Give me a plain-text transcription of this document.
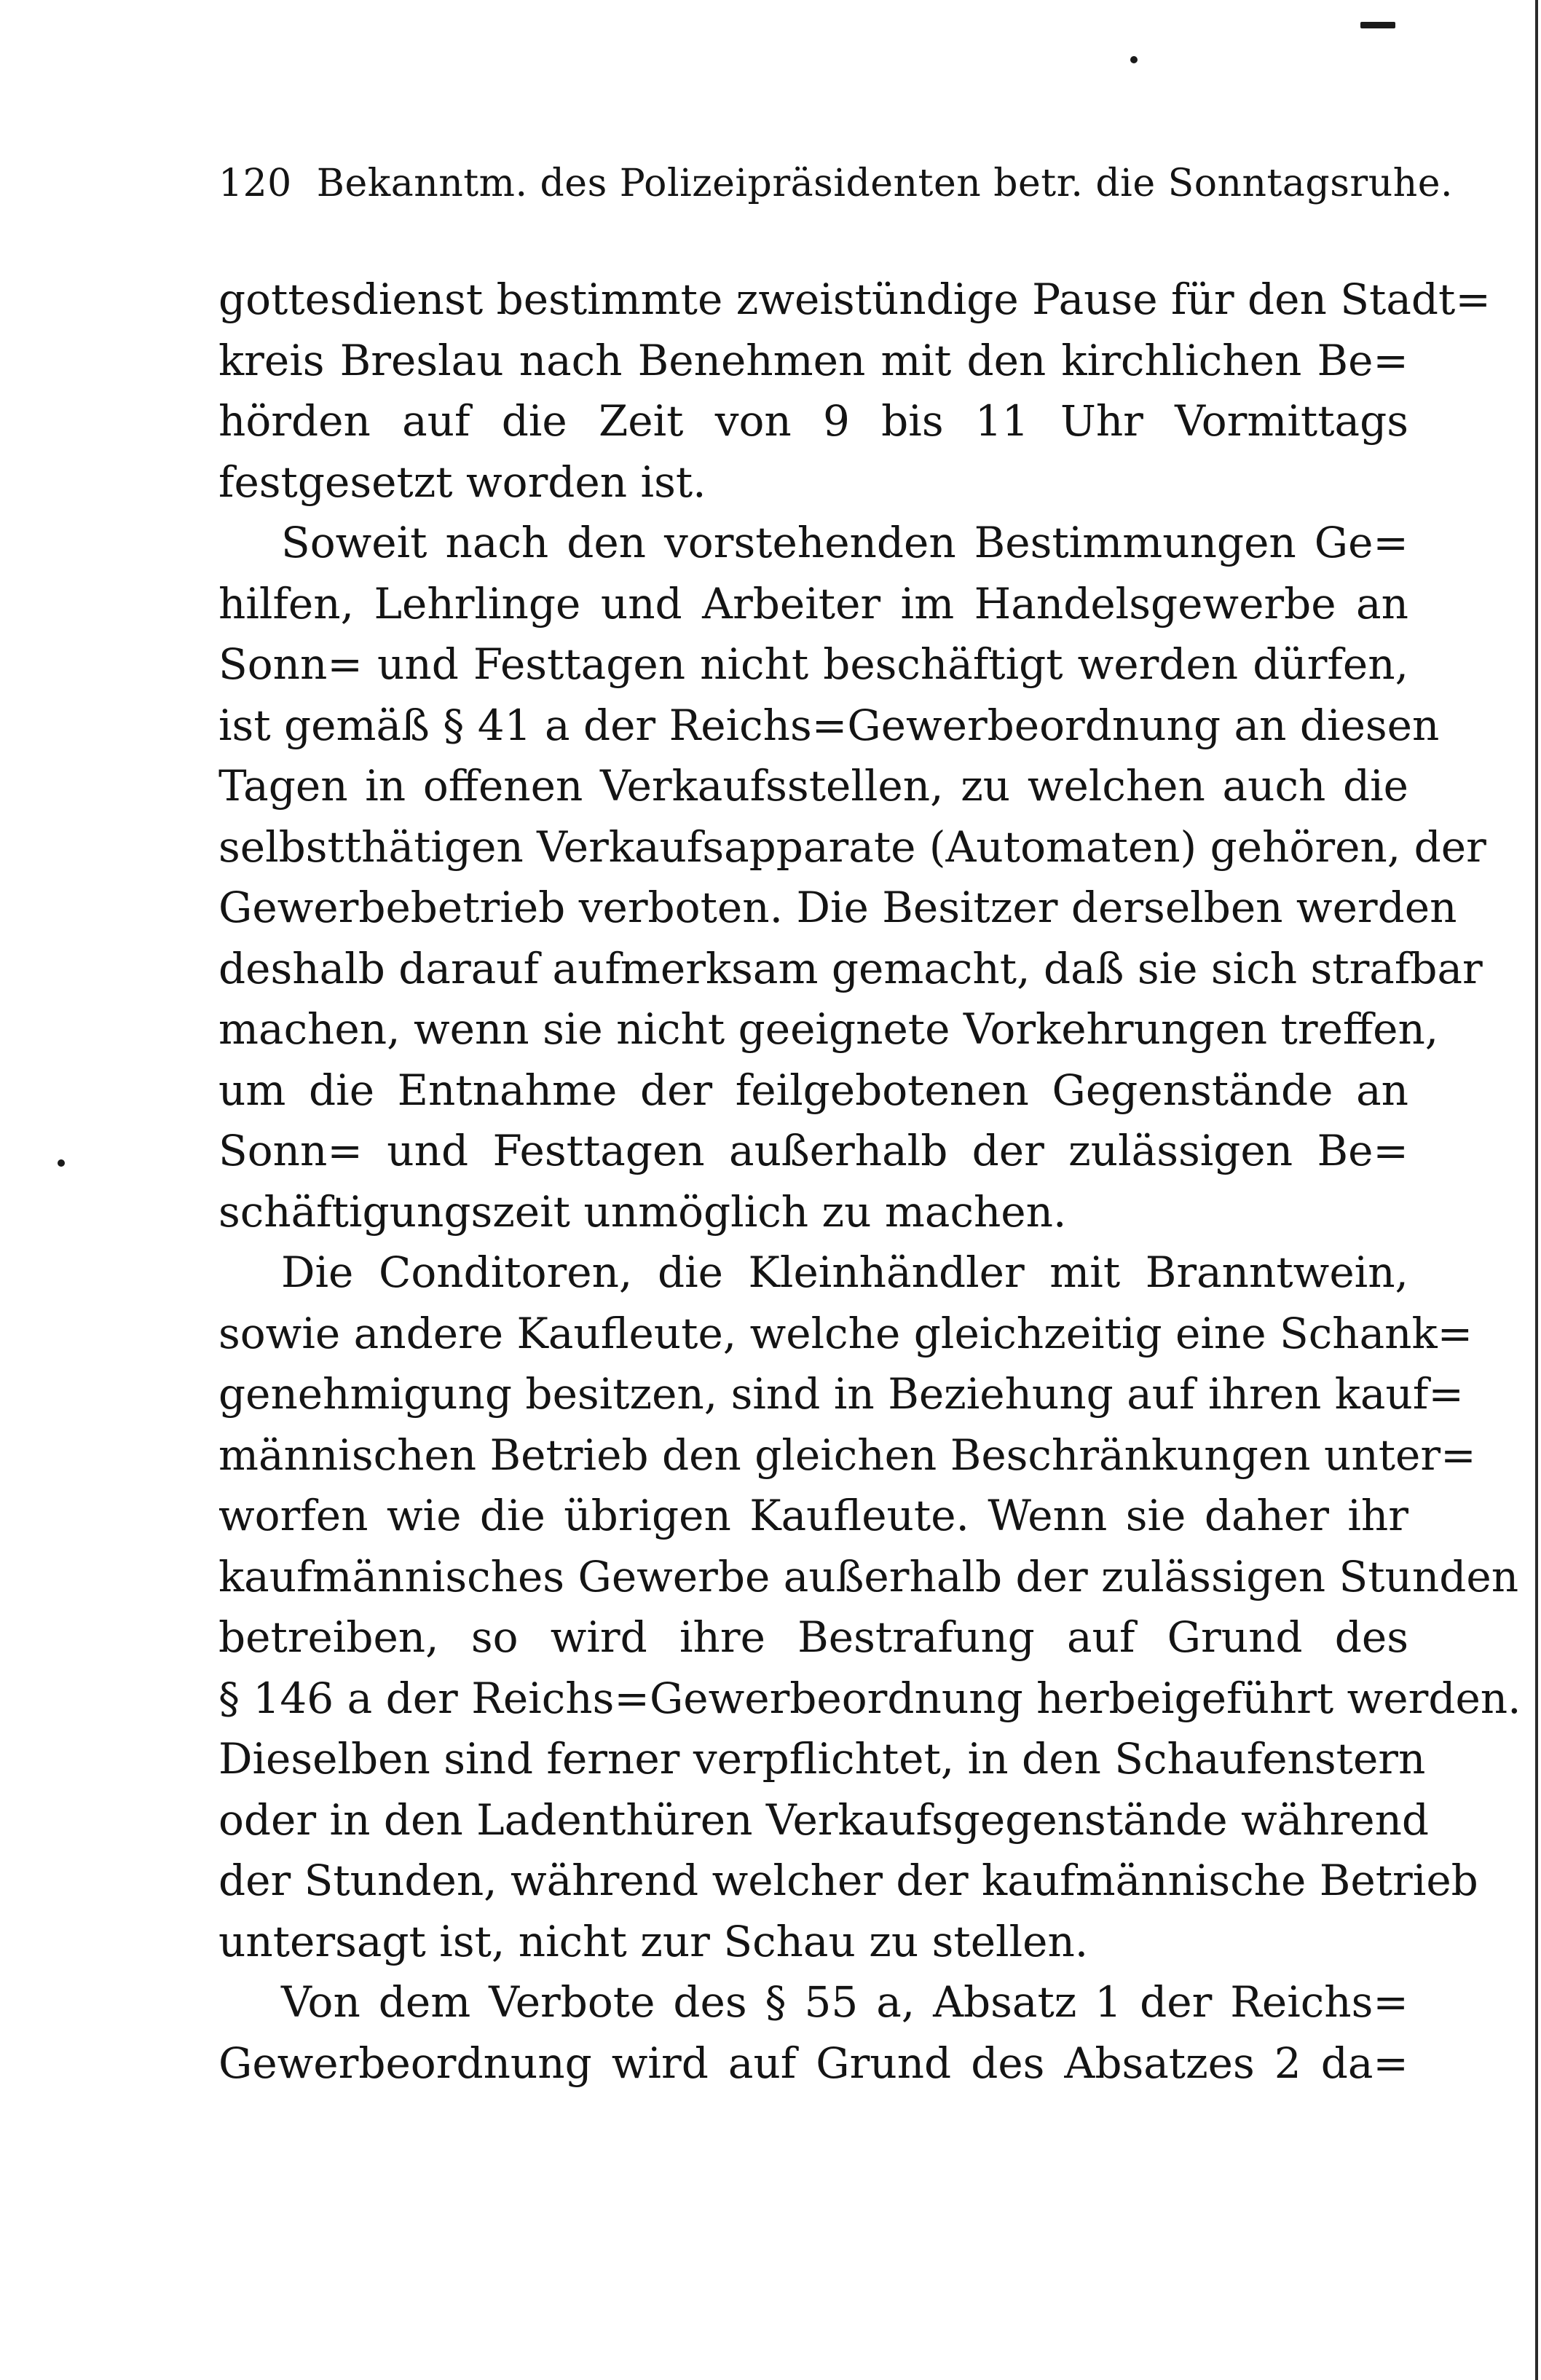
120 Bekanntm. des Polizeipräsidenten betr. die Sonntagsruhe.
gottesdienst bestimmte zweistündige Pause für den Stadt=
kreis Breslau nach Benehmen mit den kirchlichen Be=
hörden auf die Zeit von 9 bis 11 Uhr Vormittags
festgesetzt worden ist.
Soweit nach den vorstehenden Bestimmungen Ge=
hilfen, Lehrlinge und Arbeiter im Handelsgewerbe an
Sonn= und Festtagen nicht beschäftigt werden dürfen,
ist gemäß § 41 a der Reichs=Gewerbeordnung an diesen
Tagen in offenen Verkaufsstellen, zu welchen auch die
selbstthätigen Verkaufsapparate (Automaten) gehören, der
Gewerbebetrieb verboten. Die Besitzer derselben werden
deshalb darauf aufmerksam gemacht, daß sie sich strafbar
machen, wenn sie nicht geeignete Vorkehrungen treffen,
um die Entnahme der feilgebotenen Gegenstände an
Sonn= und Festtagen außerhalb der zulässigen Be=
schäftigungszeit unmöglich zu machen.
Die Conditoren, die Kleinhändler mit Branntwein,
sowie andere Kaufleute, welche gleichzeitig eine Schank=
genehmigung besitzen, sind in Beziehung auf ihren kauf=
männischen Betrieb den gleichen Beschränkungen unter=
worfen wie die übrigen Kaufleute. Wenn sie daher ihr
kaufmännisches Gewerbe außerhalb der zulässigen Stunden
betreiben, so wird ihre Bestrafung auf Grund des
§ 146 a der Reichs=Gewerbeordnung herbeigeführt werden.
Dieselben sind ferner verpflichtet, in den Schaufenstern
oder in den Ladenthüren Verkaufsgegenstände während
der Stunden, während welcher der kaufmännische Betrieb
untersagt ist, nicht zur Schau zu stellen.
Von dem Verbote des § 55 a, Absatz 1 der Reichs=
Gewerbeordnung wird auf Grund des Absatzes 2 da=
